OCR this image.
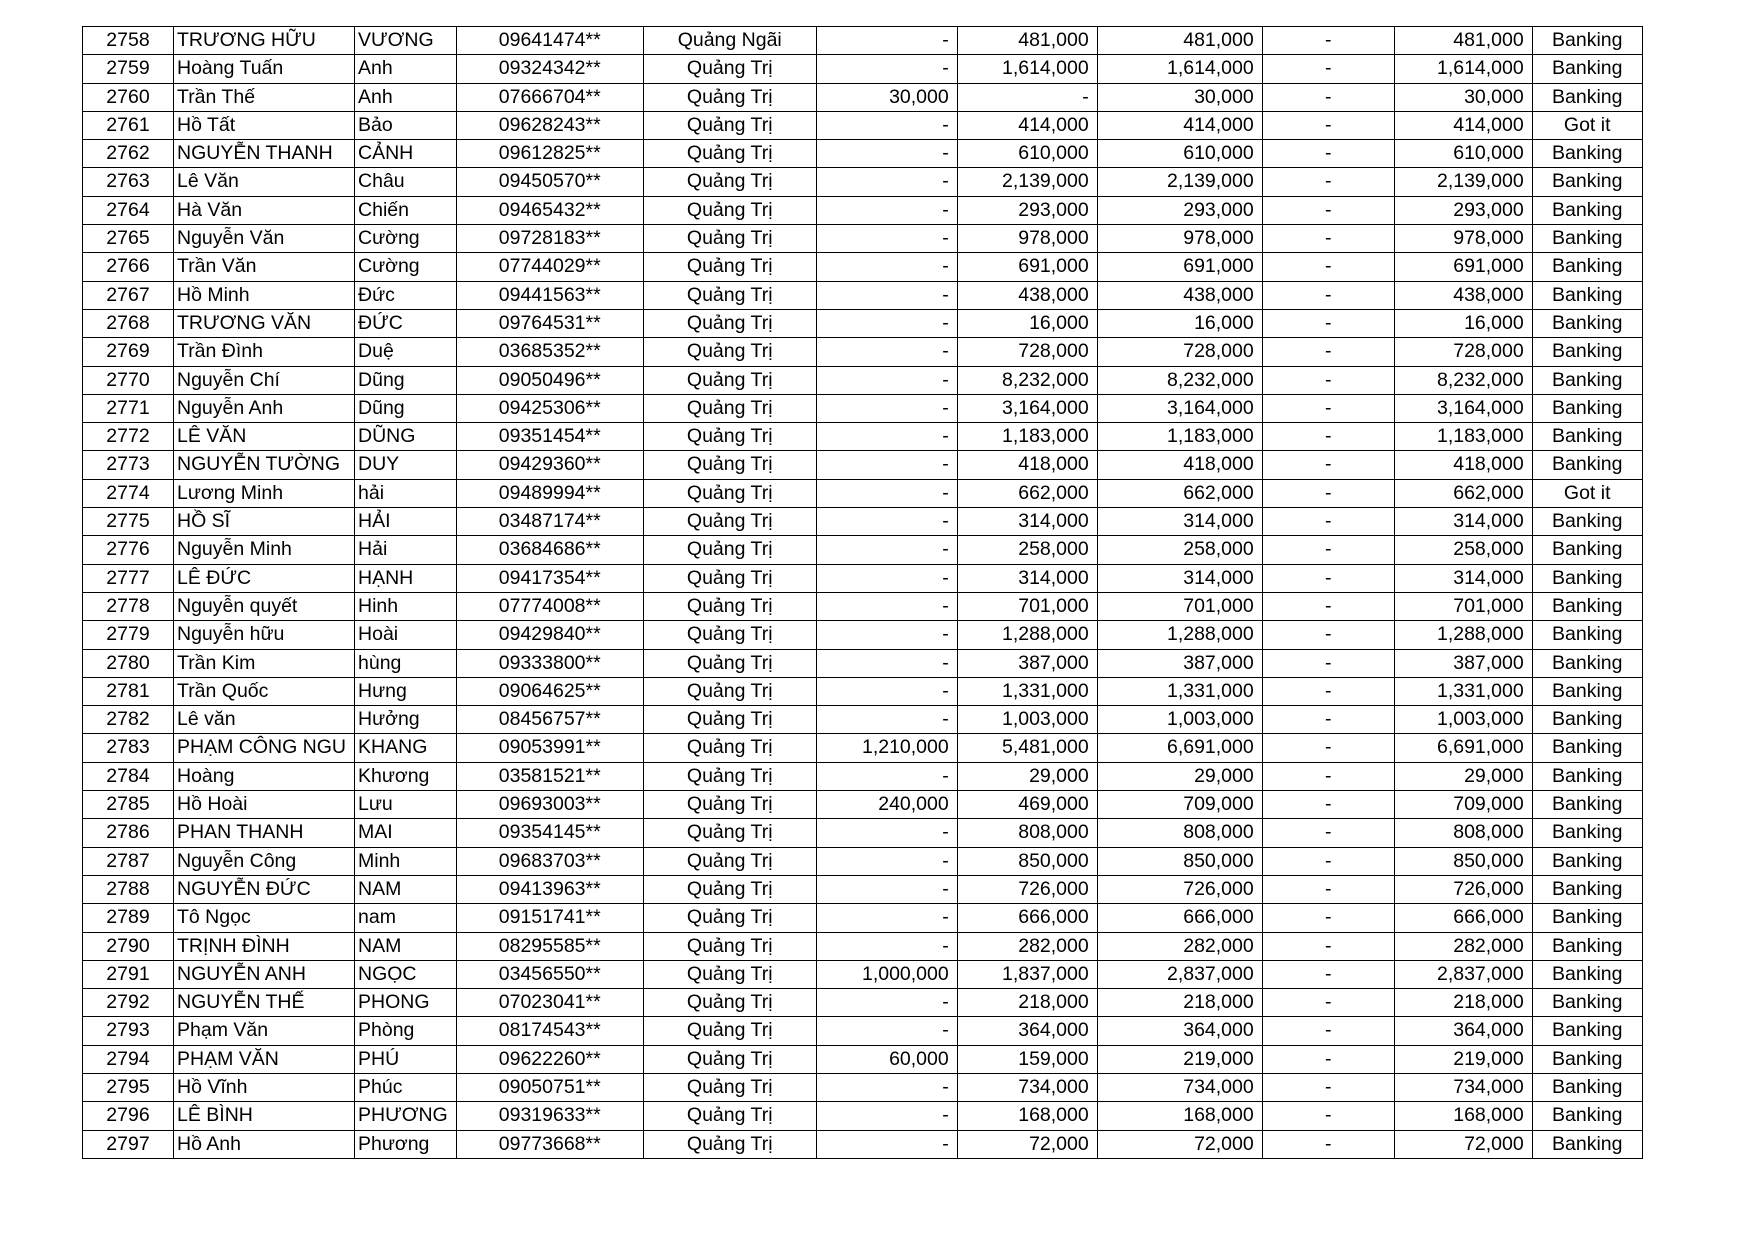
2758	TRƯƠNG HỮU	VƯƠNG	09641474**	Quảng Ngãi	-	481,000	481,000	-	481,000	Banking
2759	Hoàng Tuấn	Anh	09324342**	Quảng Trị	-	1,614,000	1,614,000	-	1,614,000	Banking
2760	Trần Thế	Anh	07666704**	Quảng Trị	30,000	-	30,000	-	30,000	Banking
2761	Hồ Tất	Bảo	09628243**	Quảng Trị	-	414,000	414,000	-	414,000	Got it
2762	NGUYỄN THANH	CẢNH	09612825**	Quảng Trị	-	610,000	610,000	-	610,000	Banking
2763	Lê Văn	Châu	09450570**	Quảng Trị	-	2,139,000	2,139,000	-	2,139,000	Banking
2764	Hà Văn	Chiến	09465432**	Quảng Trị	-	293,000	293,000	-	293,000	Banking
2765	Nguyễn Văn	Cường	09728183**	Quảng Trị	-	978,000	978,000	-	978,000	Banking
2766	Trần Văn	Cường	07744029**	Quảng Trị	-	691,000	691,000	-	691,000	Banking
2767	Hồ Minh	Đức	09441563**	Quảng Trị	-	438,000	438,000	-	438,000	Banking
2768	TRƯƠNG VĂN	ĐỨC	09764531**	Quảng Trị	-	16,000	16,000	-	16,000	Banking
2769	Trần Đình	Duệ	03685352**	Quảng Trị	-	728,000	728,000	-	728,000	Banking
2770	Nguyễn Chí	Dũng	09050496**	Quảng Trị	-	8,232,000	8,232,000	-	8,232,000	Banking
2771	Nguyễn Anh	Dũng	09425306**	Quảng Trị	-	3,164,000	3,164,000	-	3,164,000	Banking
2772	LÊ VĂN	DŨNG	09351454**	Quảng Trị	-	1,183,000	1,183,000	-	1,183,000	Banking
2773	NGUYỄN TƯỜNG	DUY	09429360**	Quảng Trị	-	418,000	418,000	-	418,000	Banking
2774	Lương Minh	hải	09489994**	Quảng Trị	-	662,000	662,000	-	662,000	Got it
2775	HỒ SĨ	HẢI	03487174**	Quảng Trị	-	314,000	314,000	-	314,000	Banking
2776	Nguyễn Minh	Hải	03684686**	Quảng Trị	-	258,000	258,000	-	258,000	Banking
2777	LÊ ĐỨC	HẠNH	09417354**	Quảng Trị	-	314,000	314,000	-	314,000	Banking
2778	Nguyễn quyết	Hinh	07774008**	Quảng Trị	-	701,000	701,000	-	701,000	Banking
2779	Nguyễn hữu	Hoài	09429840**	Quảng Trị	-	1,288,000	1,288,000	-	1,288,000	Banking
2780	Trần Kim	hùng	09333800**	Quảng Trị	-	387,000	387,000	-	387,000	Banking
2781	Trần Quốc	Hưng	09064625**	Quảng Trị	-	1,331,000	1,331,000	-	1,331,000	Banking
2782	Lê văn	Hưởng	08456757**	Quảng Trị	-	1,003,000	1,003,000	-	1,003,000	Banking
2783	PHẠM CÔNG NGU	KHANG	09053991**	Quảng Trị	1,210,000	5,481,000	6,691,000	-	6,691,000	Banking
2784	Hoàng	Khương	03581521**	Quảng Trị	-	29,000	29,000	-	29,000	Banking
2785	Hồ Hoài	Lưu	09693003**	Quảng Trị	240,000	469,000	709,000	-	709,000	Banking
2786	PHAN THANH	MAI	09354145**	Quảng Trị	-	808,000	808,000	-	808,000	Banking
2787	Nguyễn Công	Minh	09683703**	Quảng Trị	-	850,000	850,000	-	850,000	Banking
2788	NGUYỄN ĐỨC	NAM	09413963**	Quảng Trị	-	726,000	726,000	-	726,000	Banking
2789	Tô Ngọc	nam	09151741**	Quảng Trị	-	666,000	666,000	-	666,000	Banking
2790	TRỊNH ĐÌNH	NAM	08295585**	Quảng Trị	-	282,000	282,000	-	282,000	Banking
2791	NGUYỄN ANH	NGỌC	03456550**	Quảng Trị	1,000,000	1,837,000	2,837,000	-	2,837,000	Banking
2792	NGUYỄN THẾ	PHONG	07023041**	Quảng Trị	-	218,000	218,000	-	218,000	Banking
2793	Phạm Văn	Phòng	08174543**	Quảng Trị	-	364,000	364,000	-	364,000	Banking
2794	PHẠM VĂN	PHÚ	09622260**	Quảng Trị	60,000	159,000	219,000	-	219,000	Banking
2795	Hồ Vĩnh	Phúc	09050751**	Quảng Trị	-	734,000	734,000	-	734,000	Banking
2796	LÊ BÌNH	PHƯƠNG	09319633**	Quảng Trị	-	168,000	168,000	-	168,000	Banking
2797	Hồ Anh	Phương	09773668**	Quảng Trị	-	72,000	72,000	-	72,000	Banking
